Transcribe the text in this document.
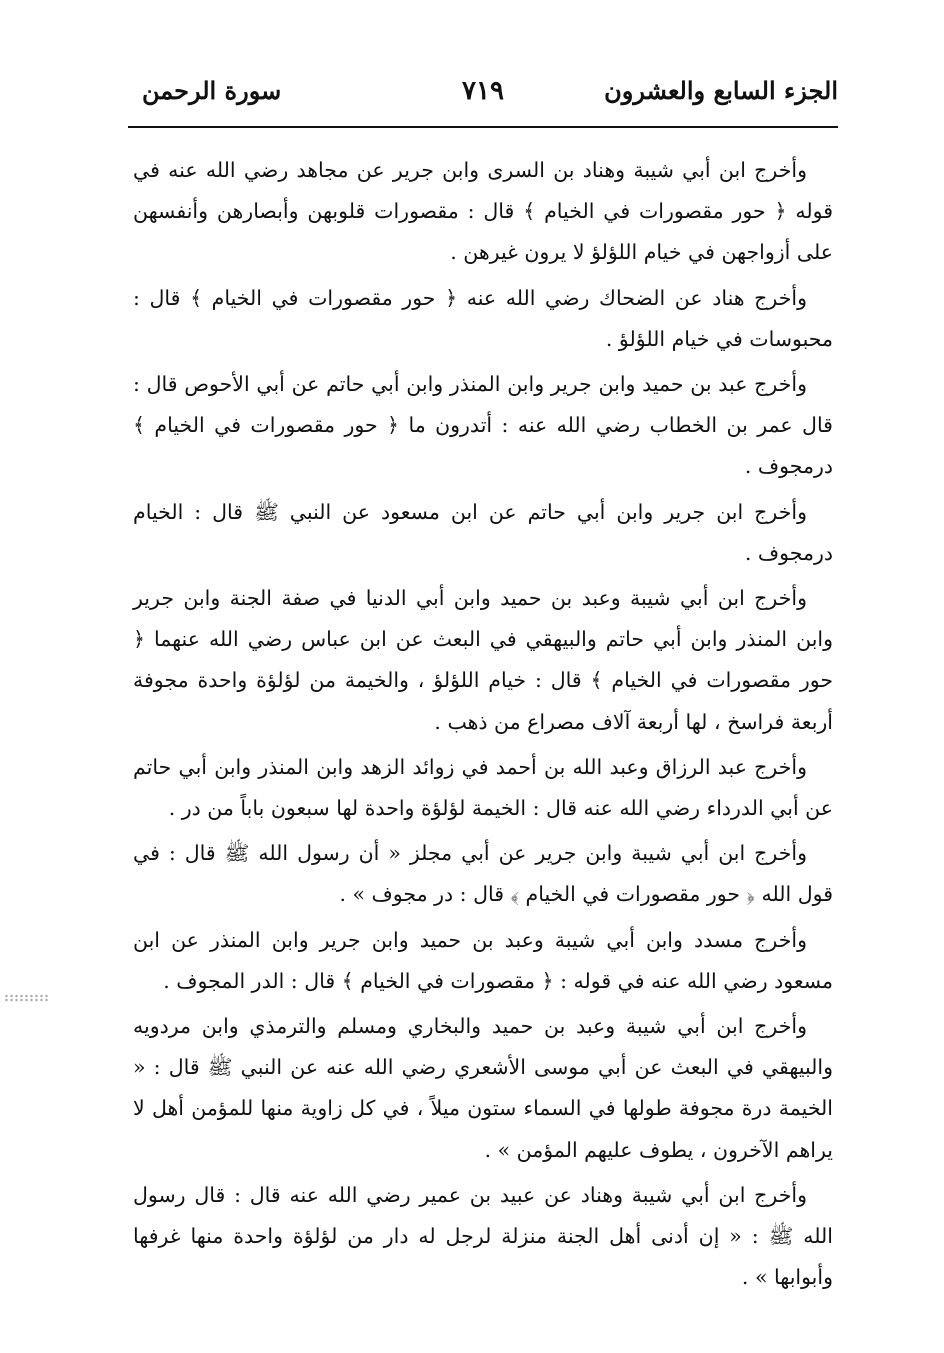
الجزء السابع والعشرون
٧١٩
سورة الرحمن

وأخرج ابن أبي شيبة وهناد بن السرى وابن جرير عن مجاهد رضي الله عنه في قوله ﴿ حور مقصورات في الخيام ﴾ قال : مقصورات قلوبهن وأبصارهن وأنفسهن على أزواجهن في خيام اللؤلؤ لا يرون غيرهن .

وأخرج هناد عن الضحاك رضي الله عنه ﴿ حور مقصورات في الخيام ﴾ قال : محبوسات في خيام اللؤلؤ .

وأخرج عبد بن حميد وابن جرير وابن المنذر وابن أبي حاتم عن أبي الأحوص قال : قال عمر بن الخطاب رضي الله عنه : أتدرون ما ﴿ حور مقصورات في الخيام ﴾ درمجوف .

وأخرج ابن جرير وابن أبي حاتم عن ابن مسعود عن النبي ﷺ قال : الخيام درمجوف .

وأخرج ابن أبي شيبة وعبد بن حميد وابن أبي الدنيا في صفة الجنة وابن جرير وابن المنذر وابن أبي حاتم والبيهقي في البعث عن ابن عباس رضي الله عنهما ﴿ حور مقصورات في الخيام ﴾ قال : خيام اللؤلؤ ، والخيمة من لؤلؤة واحدة مجوفة أربعة فراسخ ، لها أربعة آلاف مصراع من ذهب .

وأخرج عبد الرزاق وعبد الله بن أحمد في زوائد الزهد وابن المنذر وابن أبي حاتم عن أبي الدرداء رضي الله عنه قال : الخيمة لؤلؤة واحدة لها سبعون باباً من در .

وأخرج ابن أبي شيبة وابن جرير عن أبي مجلز « أن رسول الله ﷺ قال : في قول الله ﴿ حور مقصورات في الخيام ﴾ قال : در مجوف » .

وأخرج مسدد وابن أبي شيبة وعبد بن حميد وابن جرير وابن المنذر عن ابن مسعود رضي الله عنه في قوله : ﴿ مقصورات في الخيام ﴾ قال : الدر المجوف .

وأخرج ابن أبي شيبة وعبد بن حميد والبخاري ومسلم والترمذي وابن مردويه والبيهقي في البعث عن أبي موسى الأشعري رضي الله عنه عن النبي ﷺ قال : « الخيمة درة مجوفة طولها في السماء ستون ميلاً ، في كل زاوية منها للمؤمن أهل لا يراهم الآخرون ، يطوف عليهم المؤمن » .

وأخرج ابن أبي شيبة وهناد عن عبيد بن عمير رضي الله عنه قال : قال رسول الله ﷺ : « إن أدنى أهل الجنة منزلة لرجل له دار من لؤلؤة واحدة منها غرفها وأبوابها » .
